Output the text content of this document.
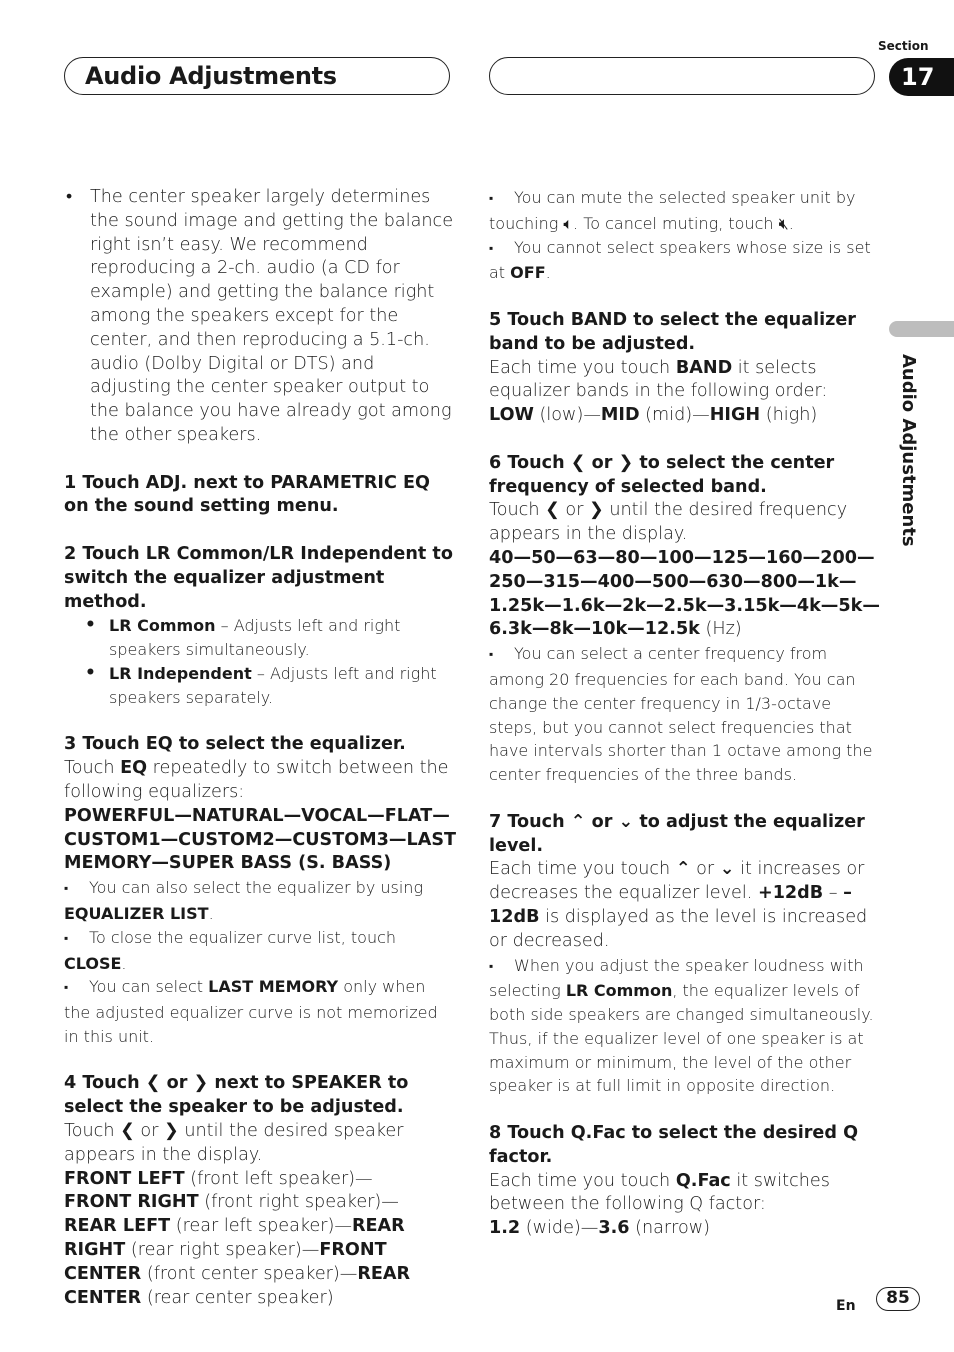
Audio Adjustments
Section
17
Audio Adjustments

• The center speaker largely determines the sound image and getting the balance right isn’t easy. We recommend reproducing a 2-ch. audio (a CD for example) and getting the balance right among the speakers except for the center, and then reproducing a 5.1-ch. audio (Dolby Digital or DTS) and adjusting the center speaker output to the balance you have already got among the other speakers.

1 Touch ADJ. next to PARAMETRIC EQ on the sound setting menu.

2 Touch LR Common/LR Independent to switch the equalizer adjustment method.

• LR Common – Adjusts left and right speakers simultaneously.

• LR Independent – Adjusts left and right speakers separately.

3 Touch EQ to select the equalizer.

Touch EQ repeatedly to switch between the following equalizers:

POWERFUL—NATURAL—VOCAL—FLAT—CUSTOM1—CUSTOM2—CUSTOM3—LAST MEMORY—SUPER BASS (S. BASS)

▪ You can also select the equalizer by using EQUALIZER LIST.

▪ To close the equalizer curve list, touch CLOSE.

▪ You can select LAST MEMORY only when the adjusted equalizer curve is not memorized in this unit.

4 Touch ❮ or ❯ next to SPEAKER to select the speaker to be adjusted.

Touch ❮ or ❯ until the desired speaker appears in the display.

FRONT LEFT (front left speaker)—
FRONT RIGHT (front right speaker)—
REAR LEFT (rear left speaker)—REAR RIGHT (rear right speaker)—FRONT CENTER (front center speaker)—REAR CENTER (rear center speaker)

▪ You can mute the selected speaker unit by touching 🔈︎. To cancel muting, touch 🔇︎.

▪ You cannot select speakers whose size is set at OFF.

5 Touch BAND to select the equalizer band to be adjusted.

Each time you touch BAND it selects equalizer bands in the following order:

LOW (low)—MID (mid)—HIGH (high)

6 Touch ❮ or ❯ to select the center frequency of selected band.

Touch ❮ or ❯ until the desired frequency appears in the display.

40—50—63—80—100—125—160—200—250—315—400—500—630—800—1k—1.25k—1.6k—2k—2.5k—3.15k—4k—5k—6.3k—8k—10k—12.5k (Hz)

▪ You can select a center frequency from among 20 frequencies for each band. You can change the center frequency in 1/3-octave steps, but you cannot select frequencies that have intervals shorter than 1 octave among the center frequencies of the three bands.

7 Touch ⌃ or ⌄ to adjust the equalizer level.

Each time you touch ⌃ or ⌄ it increases or decreases the equalizer level. +12dB – –12dB is displayed as the level is increased or decreased.

▪ When you adjust the speaker loudness with selecting LR Common, the equalizer levels of both side speakers are changed simultaneously. Thus, if the equalizer level of one speaker is at maximum or minimum, the level of the other speaker is at full limit in opposite direction.

8 Touch Q.Fac to select the desired Q factor.

Each time you touch Q.Fac it switches between the following Q factor:

1.2 (wide)—3.6 (narrow)

En	85
